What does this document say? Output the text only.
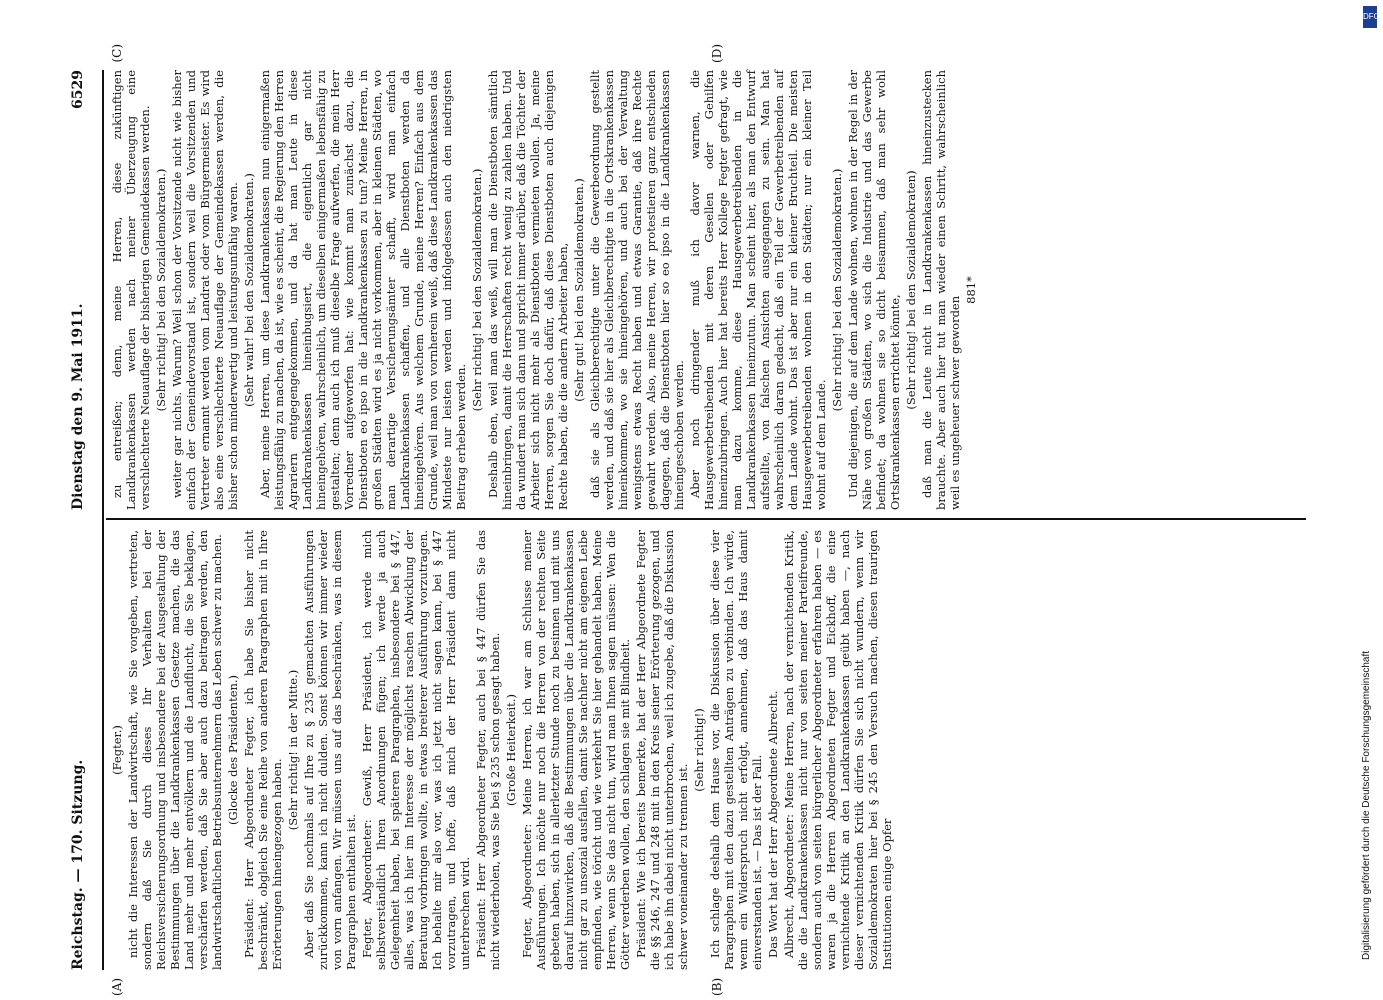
Reichstag. — 170. Sitzung.
Dienstag den 9. Mai 1911.
6529
(A)	(B)
(C)	(D)

(Fegter.) nicht die Interessen der Landwirtschaft, wie Sie vorgeben, vertreten, sondern daß Sie durch dieses Ihr Verhalten bei der Reichsversicherungsordnung und insbesondere bei der Ausgestaltung der Bestimmungen über die Landkrankenkassen Gesetze machen, die das Land mehr und mehr entvölkern und die Landflucht, die Sie beklagen, verschärfen werden, daß Sie aber auch dazu beitragen werden, den landwirtschaftlichen Betriebsunternehmern das Leben schwer zu machen. (Glocke des Präsidenten.) Präsident: Herr Abgeordneter Fegter, ich habe Sie bisher nicht beschränkt, obgleich Sie eine Reihe von anderen Paragraphen mit in Ihre Erörterungen hineingezogen haben.

(Sehr richtig! in der Mitte.) Aber daß Sie nochmals auf Ihre zu § 235 gemachten Ausführungen zurückkommen, kann ich nicht dulden. Sonst können wir immer wieder von vorn anfangen. Wir müssen uns auf das beschränken, was in diesem Paragraphen enthalten ist. Fegter, Abgeordneter: Gewiß, Herr Präsident, ich werde mich selbstverständlich Ihren Anordnungen fügen; ich werde ja auch Gelegenheit haben, bei späteren Paragraphen, insbesondere bei § 447, alles, was ich hier im Interesse der möglichst raschen Abwicklung der Beratung vorbringen wollte, in etwas breiterer Ausführung vorzutragen. Ich behalte mir also vor, was ich jetzt nicht sagen kann, bei § 447 vorzutragen, und hoffe, daß mich der Herr Präsident dann nicht unterbrechen wird. Präsident: Herr Abgeordneter Fegter, auch bei § 447 dürfen Sie das nicht wiederholen, was Sie bei § 235 schon gesagt haben. (Große Heiterkeit.) Fegter, Abgeordneter: Meine Herren, ich war am Schlusse meiner Ausführungen. Ich möchte nur noch die Herren von der rechten Seite gebeten haben, sich in allerletzter Stunde noch zu besinnen und mit uns darauf hinzuwirken, daß die Bestimmungen über die Landkrankenkassen nicht gar zu unsozial ausfallen, damit Sie nachher nicht am eigenen Leibe empfinden, wie töricht und wie verkehrt Sie hier gehandelt haben. Meine Herren, wenn Sie das nicht tun, wird man Ihnen sagen müssen: Wen die Götter verderben wollen, den schlagen sie mit Blindheit. Präsident: Wie ich bereits bemerkte, hat der Herr Abgeordnete Fegter die §§ 246, 247 und 248 mit in den Kreis seiner Erörterung gezogen, und ich habe ihn dabei nicht unterbrochen, weil ich zugebe, daß die Diskussion schwer voneinander zu trennen ist.

(Sehr richtig!) Ich schlage deshalb dem Hause vor, die Diskussion über diese vier Paragraphen mit den dazu gestellten Anträgen zu verbinden. Ich würde, wenn ein Widerspruch nicht erfolgt, annehmen, daß das Haus damit einverstanden ist. — Das ist der Fall. Das Wort hat der Herr Abgeordnete Albrecht. Albrecht, Abgeordneter: Meine Herren, nach der vernichtenden Kritik, die die Landkrankenkassen nicht nur von seiten meiner Parteifreunde, sondern auch von seiten bürgerlicher Abgeordneter erfahren haben — es waren ja die Herren Abgeordneten Fegter und Eickhoff, die eine vernichtende Kritik an den Landkrankenkassen geübt haben —, nach dieser vernichtenden Kritik dürfen Sie sich nicht wundern, wenn wir Sozialdemokraten hier bei § 245 den Versuch machen, diesen traurigen Institutionen einige Opfer

zu entreißen; denn, meine Herren, diese zukünftigen Landkrankenkassen werden nach meiner Überzeugung eine verschlechterte Neuauflage der bisherigen Gemeindekassen werden. (Sehr richtig! bei den Sozialdemokraten.) weiter gar nichts. Warum? Weil schon der Vorsitzende nicht wie bisher einfach der Gemeindevorstand ist, sondern weil die Vorsitzenden und Vertreter ernannt werden vom Landrat oder vom Bürgermeister. Es wird also eine verschlechterte Neuauflage der Gemeindekassen werden, die bisher schon minderwertig und leistungsunfähig waren. (Sehr wahr! bei den Sozialdemokraten.) Aber, meine Herren, um diese Landkrankenkassen nun einigermaßen leistungsfähig zu machen, da ist, wie es scheint, die Regierung den Herren Agrariern entgegengekommen, und da hat man Leute in diese Landkrankenkassen hineinbugsiert, die eigentlich gar nicht hineingehören, wahrscheinlich, um dieselben einigermaßen lebensfähig zu gestalten; denn auch ich muß dieselbe Frage aufwerfen, die mein Herr Vorredner aufgeworfen hat: wie kommt man zunächst dazu, die Dienstboten eo ipso in die Landkrankenkassen zu tun? Meine Herren, in großen Städten wird es ja nicht vorkommen, aber in kleinen Städten, wo man derartige Versicherungsämter schafft, wird man einfach Landkrankenkassen schaffen, und alle Dienstboten werden da hineingehören. Aus welchem Grunde, meine Herren? Einfach aus dem Grunde, weil man von vornherein weiß, daß diese Landkrankenkassen das Mindeste nur leisten werden und infolgedessen auch den niedrigsten Beitrag erheben werden.

(Sehr richtig! bei den Sozialdemokraten.) Deshalb eben, weil man das weiß, will man die Dienstboten sämtlich hineinbringen, damit die Herrschaften recht wenig zu zahlen haben. Und da wundert man sich dann und spricht immer darüber, daß die Töchter der Arbeiter sich nicht mehr als Dienstboten vermieten wollen. Ja, meine Herren, sorgen Sie doch dafür, daß diese Dienstboten auch diejenigen Rechte haben, die die andern Arbeiter haben, (Sehr gut! bei den Sozialdemokraten.) daß sie als Gleichberechtigte unter die Gewerbeordnung gestellt werden, und daß sie hier als Gleichberechtigte in die Ortskrankenkassen hineinkommen, wo sie hineingehören, und auch bei der Verwaltung wenigstens etwas Recht haben und etwas Garantie, daß ihre Rechte gewahrt werden. Also, meine Herren, wir protestieren ganz entschieden dagegen, daß die Dienstboten hier so eo ipso in die Landkrankenkassen hineingeschoben werden. Aber noch dringender muß ich davor warnen, die Hausgewerbetreibenden mit deren Gesellen oder Gehilfen hineinzubringen. Auch hier hat bereits Herr Kollege Fegter gefragt, wie man dazu komme, diese Hausgewerbetreibenden in die Landkrankenkassen hineinzutun. Man scheint hier, als man den Entwurf aufstellte, von falschen Ansichten ausgegangen zu sein. Man hat wahrscheinlich daran gedacht, daß ein Teil der Gewerbetreibenden auf dem Lande wohnt. Das ist aber nur ein kleiner Bruchteil. Die meisten Hausgewerbetreibenden wohnen in den Städten; nur ein kleiner Teil wohnt auf dem Lande.

(Sehr richtig! bei den Sozialdemokraten.) Und diejenigen, die auf dem Lande wohnen, wohnen in der Regel in der Nähe von großen Städten, wo sich die Industrie und das Gewerbe befindet; da wohnen sie so dicht beisammen, daß man sehr wohl Ortskrankenkassen errichtet könnte, (Sehr richtig! bei den Sozialdemokraten) daß man die Leute nicht in Landkrankenkassen hineinzustecken brauchte. Aber auch hier tut man wieder einen Schritt, wahrscheinlich weil es ungeheuer schwer geworden

881*

DFG
Digitalisierung gefördert durch die Deutsche Forschungsgemeinschaft
